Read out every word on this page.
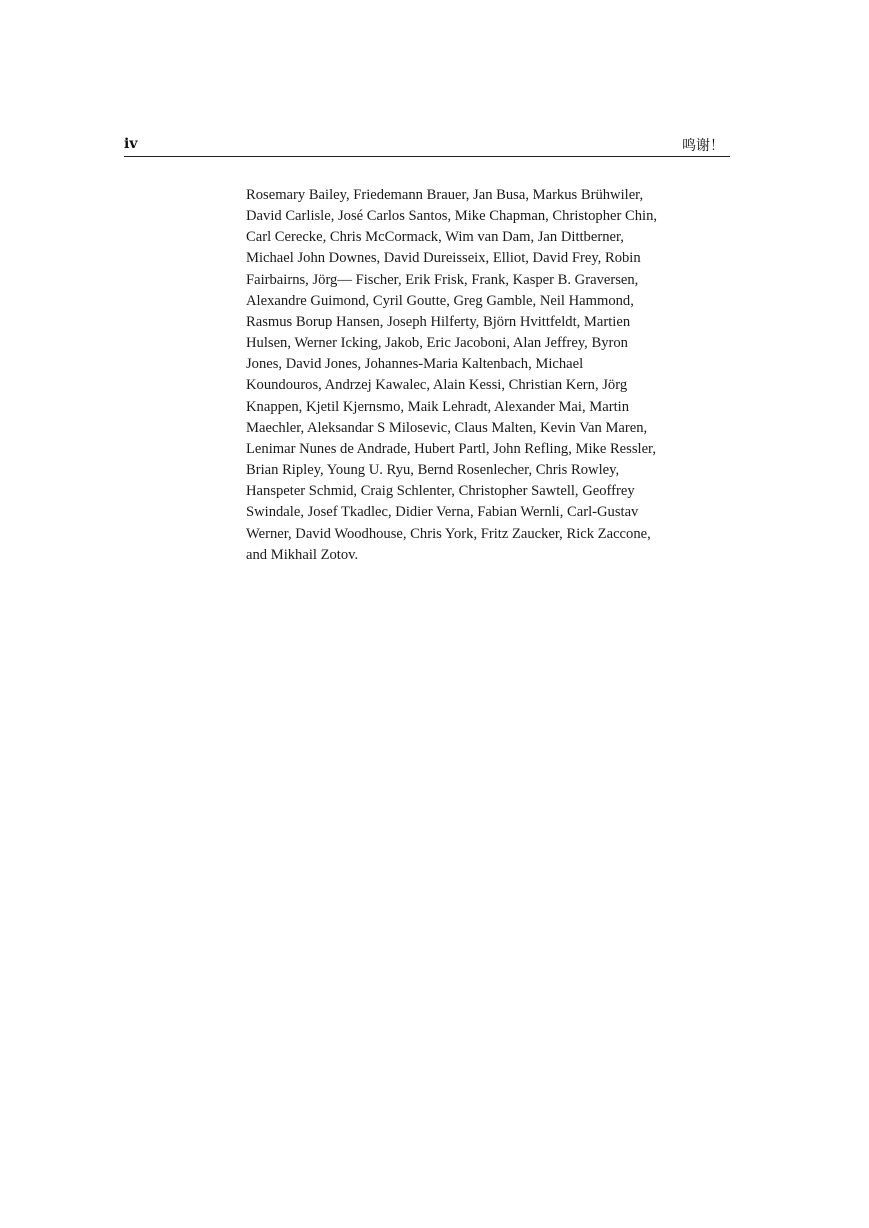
iv	鸣谢！
Rosemary Bailey, Friedemann Brauer, Jan Busa, Markus Brühwiler,
David Carlisle, José Carlos Santos, Mike Chapman, Christopher Chin,
Carl Cerecke, Chris McCormack, Wim van Dam, Jan Dittberner,
Michael John Downes, David Dureisseix, Elliot, David Frey, Robin
Fairbairns, Jörg— Fischer, Erik Frisk, Frank, Kasper B. Graversen,
Alexandre Guimond, Cyril Goutte, Greg Gamble, Neil Hammond,
Rasmus Borup Hansen, Joseph Hilferty, Björn Hvittfeldt, Martien
Hulsen, Werner Icking, Jakob, Eric Jacoboni, Alan Jeffrey, Byron
Jones, David Jones, Johannes-Maria Kaltenbach, Michael
Koundouros, Andrzej Kawalec, Alain Kessi, Christian Kern, Jörg
Knappen, Kjetil Kjernsmo, Maik Lehradt, Alexander Mai, Martin
Maechler, Aleksandar S Milosevic, Claus Malten, Kevin Van Maren,
Lenimar Nunes de Andrade, Hubert Partl, John Refling, Mike Ressler,
Brian Ripley, Young U. Ryu, Bernd Rosenlecher, Chris Rowley,
Hanspeter Schmid, Craig Schlenter, Christopher Sawtell, Geoffrey
Swindale, Josef Tkadlec, Didier Verna, Fabian Wernli, Carl-Gustav
Werner, David Woodhouse, Chris York, Fritz Zaucker, Rick Zaccone,
and Mikhail Zotov.
